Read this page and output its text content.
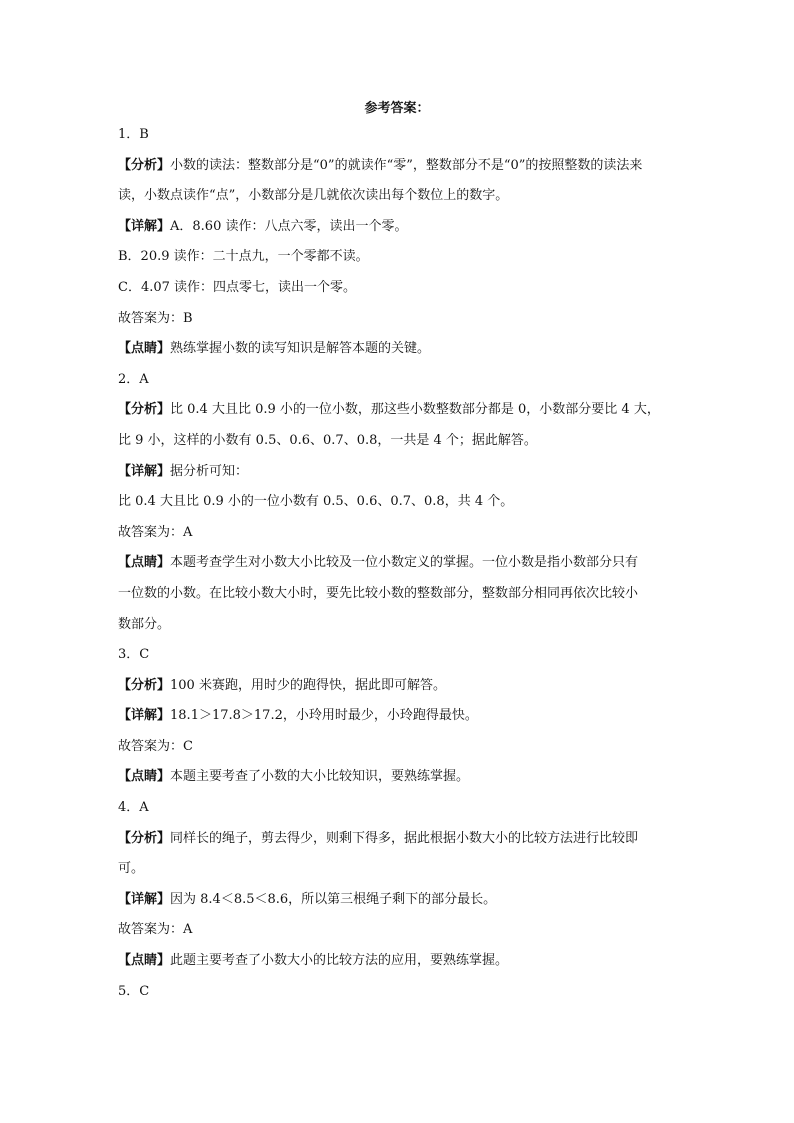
参考答案：
1．B
【分析】小数的读法：整数部分是“0”的就读作“零”，整数部分不是“0”的按照整数的读法来
读，小数点读作“点”，小数部分是几就依次读出每个数位上的数字。
【详解】A．8.60 读作：八点六零，读出一个零。
B．20.9 读作：二十点九，一个零都不读。
C．4.07 读作：四点零七，读出一个零。
故答案为：B
【点睛】熟练掌握小数的读写知识是解答本题的关键。
2．A
【分析】比 0.4 大且比 0.9 小的一位小数，那这些小数整数部分都是 0，小数部分要比 4 大，
比 9 小，这样的小数有 0.5、0.6、0.7、0.8，一共是 4 个；据此解答。
【详解】据分析可知：
比 0.4 大且比 0.9 小的一位小数有 0.5、0.6、0.7、0.8，共 4 个。
故答案为：A
【点睛】本题考查学生对小数大小比较及一位小数定义的掌握。一位小数是指小数部分只有
一位数的小数。在比较小数大小时，要先比较小数的整数部分，整数部分相同再依次比较小
数部分。
3．C
【分析】100 米赛跑，用时少的跑得快，据此即可解答。
【详解】18.1＞17.8＞17.2，小玲用时最少，小玲跑得最快。
故答案为：C
【点睛】本题主要考查了小数的大小比较知识，要熟练掌握。
4．A
【分析】同样长的绳子，剪去得少，则剩下得多，据此根据小数大小的比较方法进行比较即
可。
【详解】因为 8.4＜8.5＜8.6，所以第三根绳子剩下的部分最长。
故答案为：A
【点睛】此题主要考查了小数大小的比较方法的应用，要熟练掌握。
5．C
